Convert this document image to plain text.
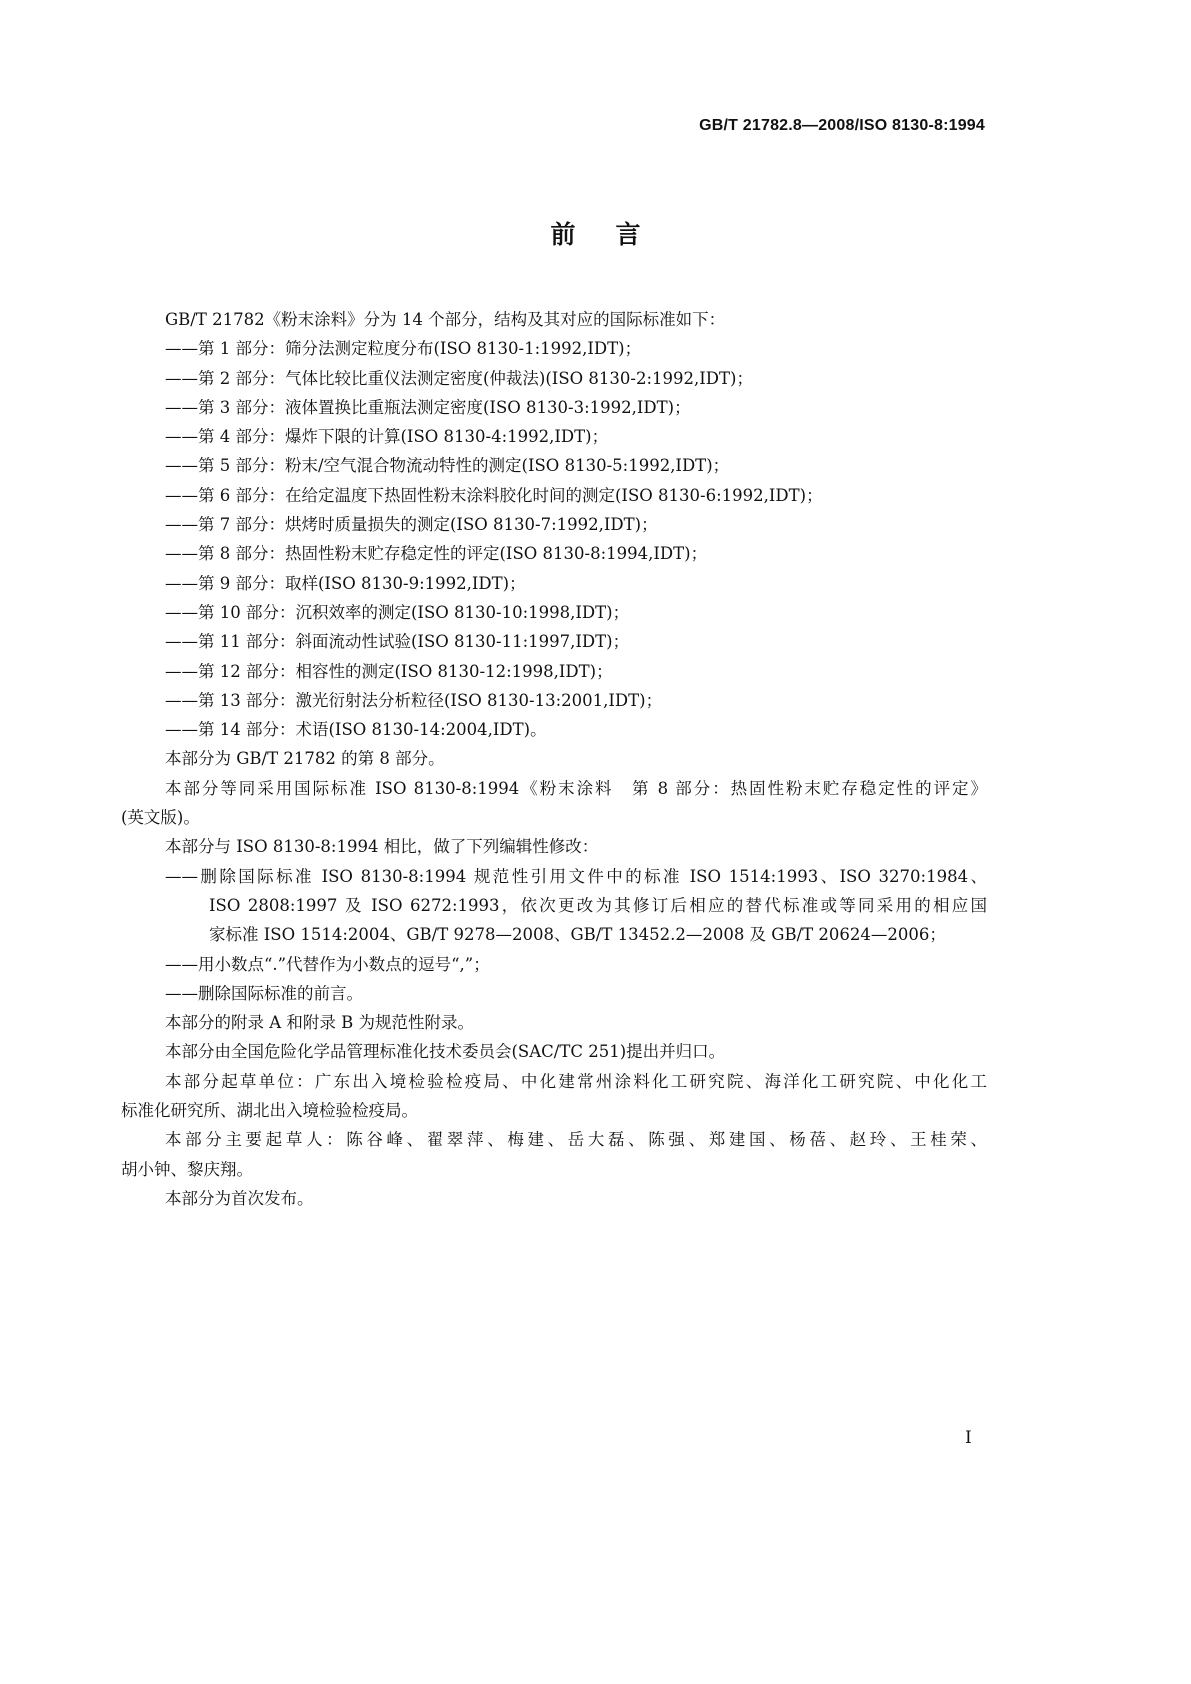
GB/T 21782.8—2008/ISO 8130-8:1994
前言
GB/T 21782《粉末涂料》分为 14 个部分，结构及其对应的国际标准如下：
——第 1 部分：筛分法测定粒度分布(ISO 8130-1:1992,IDT)；
——第 2 部分：气体比较比重仪法测定密度(仲裁法)(ISO 8130-2:1992,IDT)；
——第 3 部分：液体置换比重瓶法测定密度(ISO 8130-3:1992,IDT)；
——第 4 部分：爆炸下限的计算(ISO 8130-4:1992,IDT)；
——第 5 部分：粉末/空气混合物流动特性的测定(ISO 8130-5:1992,IDT)；
——第 6 部分：在给定温度下热固性粉末涂料胶化时间的测定(ISO 8130-6:1992,IDT)；
——第 7 部分：烘烤时质量损失的测定(ISO 8130-7:1992,IDT)；
——第 8 部分：热固性粉末贮存稳定性的评定(ISO 8130-8:1994,IDT)；
——第 9 部分：取样(ISO 8130-9:1992,IDT)；
——第 10 部分：沉积效率的测定(ISO 8130-10:1998,IDT)；
——第 11 部分：斜面流动性试验(ISO 8130-11:1997,IDT)；
——第 12 部分：相容性的测定(ISO 8130-12:1998,IDT)；
——第 13 部分：激光衍射法分析粒径(ISO 8130-13:2001,IDT)；
——第 14 部分：术语(ISO 8130-14:2004,IDT)。
本部分为 GB/T 21782 的第 8 部分。
本部分等同采用国际标准 ISO 8130-8:1994《粉末涂料　第 8 部分：热固性粉末贮存稳定性的评定》
(英文版)。
本部分与 ISO 8130-8:1994 相比，做了下列编辑性修改：
——删除国际标准 ISO 8130-8:1994 规范性引用文件中的标准 ISO 1514:1993、ISO 3270:1984、
ISO 2808:1997 及 ISO 6272:1993，依次更改为其修订后相应的替代标准或等同采用的相应国
家标准 ISO 1514:2004、GB/T 9278—2008、GB/T 13452.2—2008 及 GB/T 20624—2006；
——用小数点“.”代替作为小数点的逗号“,”；
——删除国际标准的前言。
本部分的附录 A 和附录 B 为规范性附录。
本部分由全国危险化学品管理标准化技术委员会(SAC/TC 251)提出并归口。
本部分起草单位：广东出入境检验检疫局、中化建常州涂料化工研究院、海洋化工研究院、中化化工
标准化研究所、湖北出入境检验检疫局。
本部分主要起草人：陈谷峰、翟翠萍、梅建、岳大磊、陈强、郑建国、杨蓓、赵玲、王桂荣、
胡小钟、黎庆翔。
本部分为首次发布。
I
